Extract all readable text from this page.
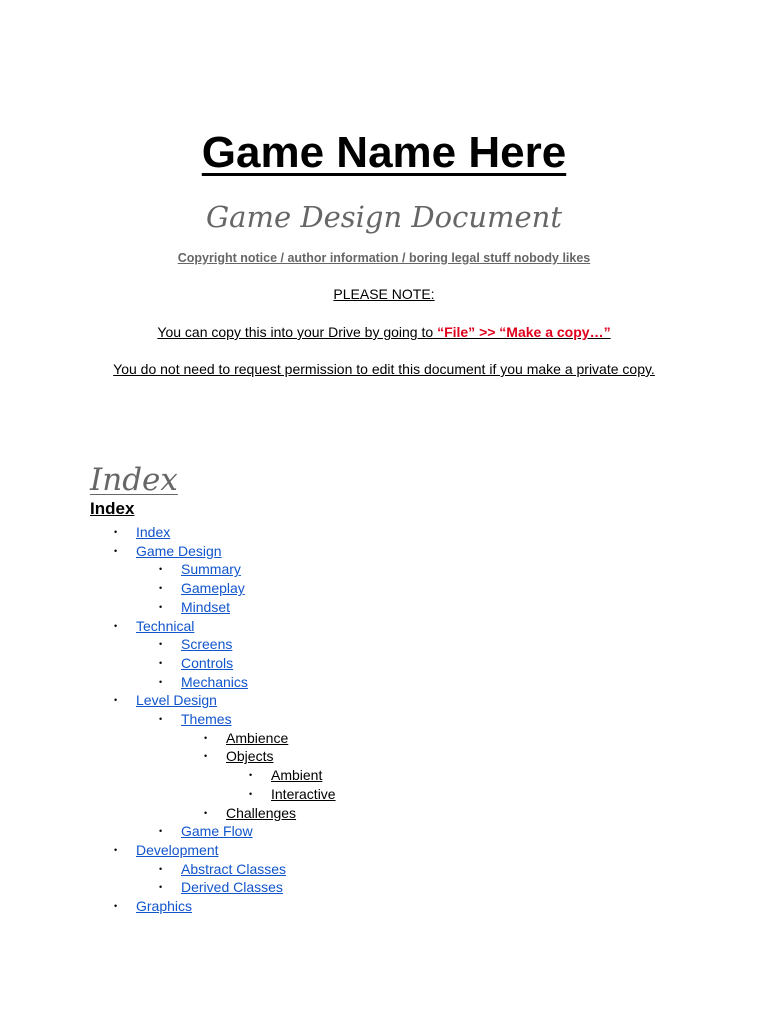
Game Name Here
Game Design Document
Copyright notice / author information / boring legal stuff nobody likes
PLEASE NOTE:
You can copy this into your Drive by going to “File” >> “Make a copy…”
You do not need to request permission to edit this document if you make a private copy.
Index
Index
• Index
• Game Design
• Summary
• Gameplay
• Mindset
• Technical
• Screens
• Controls
• Mechanics
• Level Design
• Themes
• Ambience
• Objects
• Ambient
• Interactive
• Challenges
• Game Flow
• Development
• Abstract Classes
• Derived Classes
• Graphics
